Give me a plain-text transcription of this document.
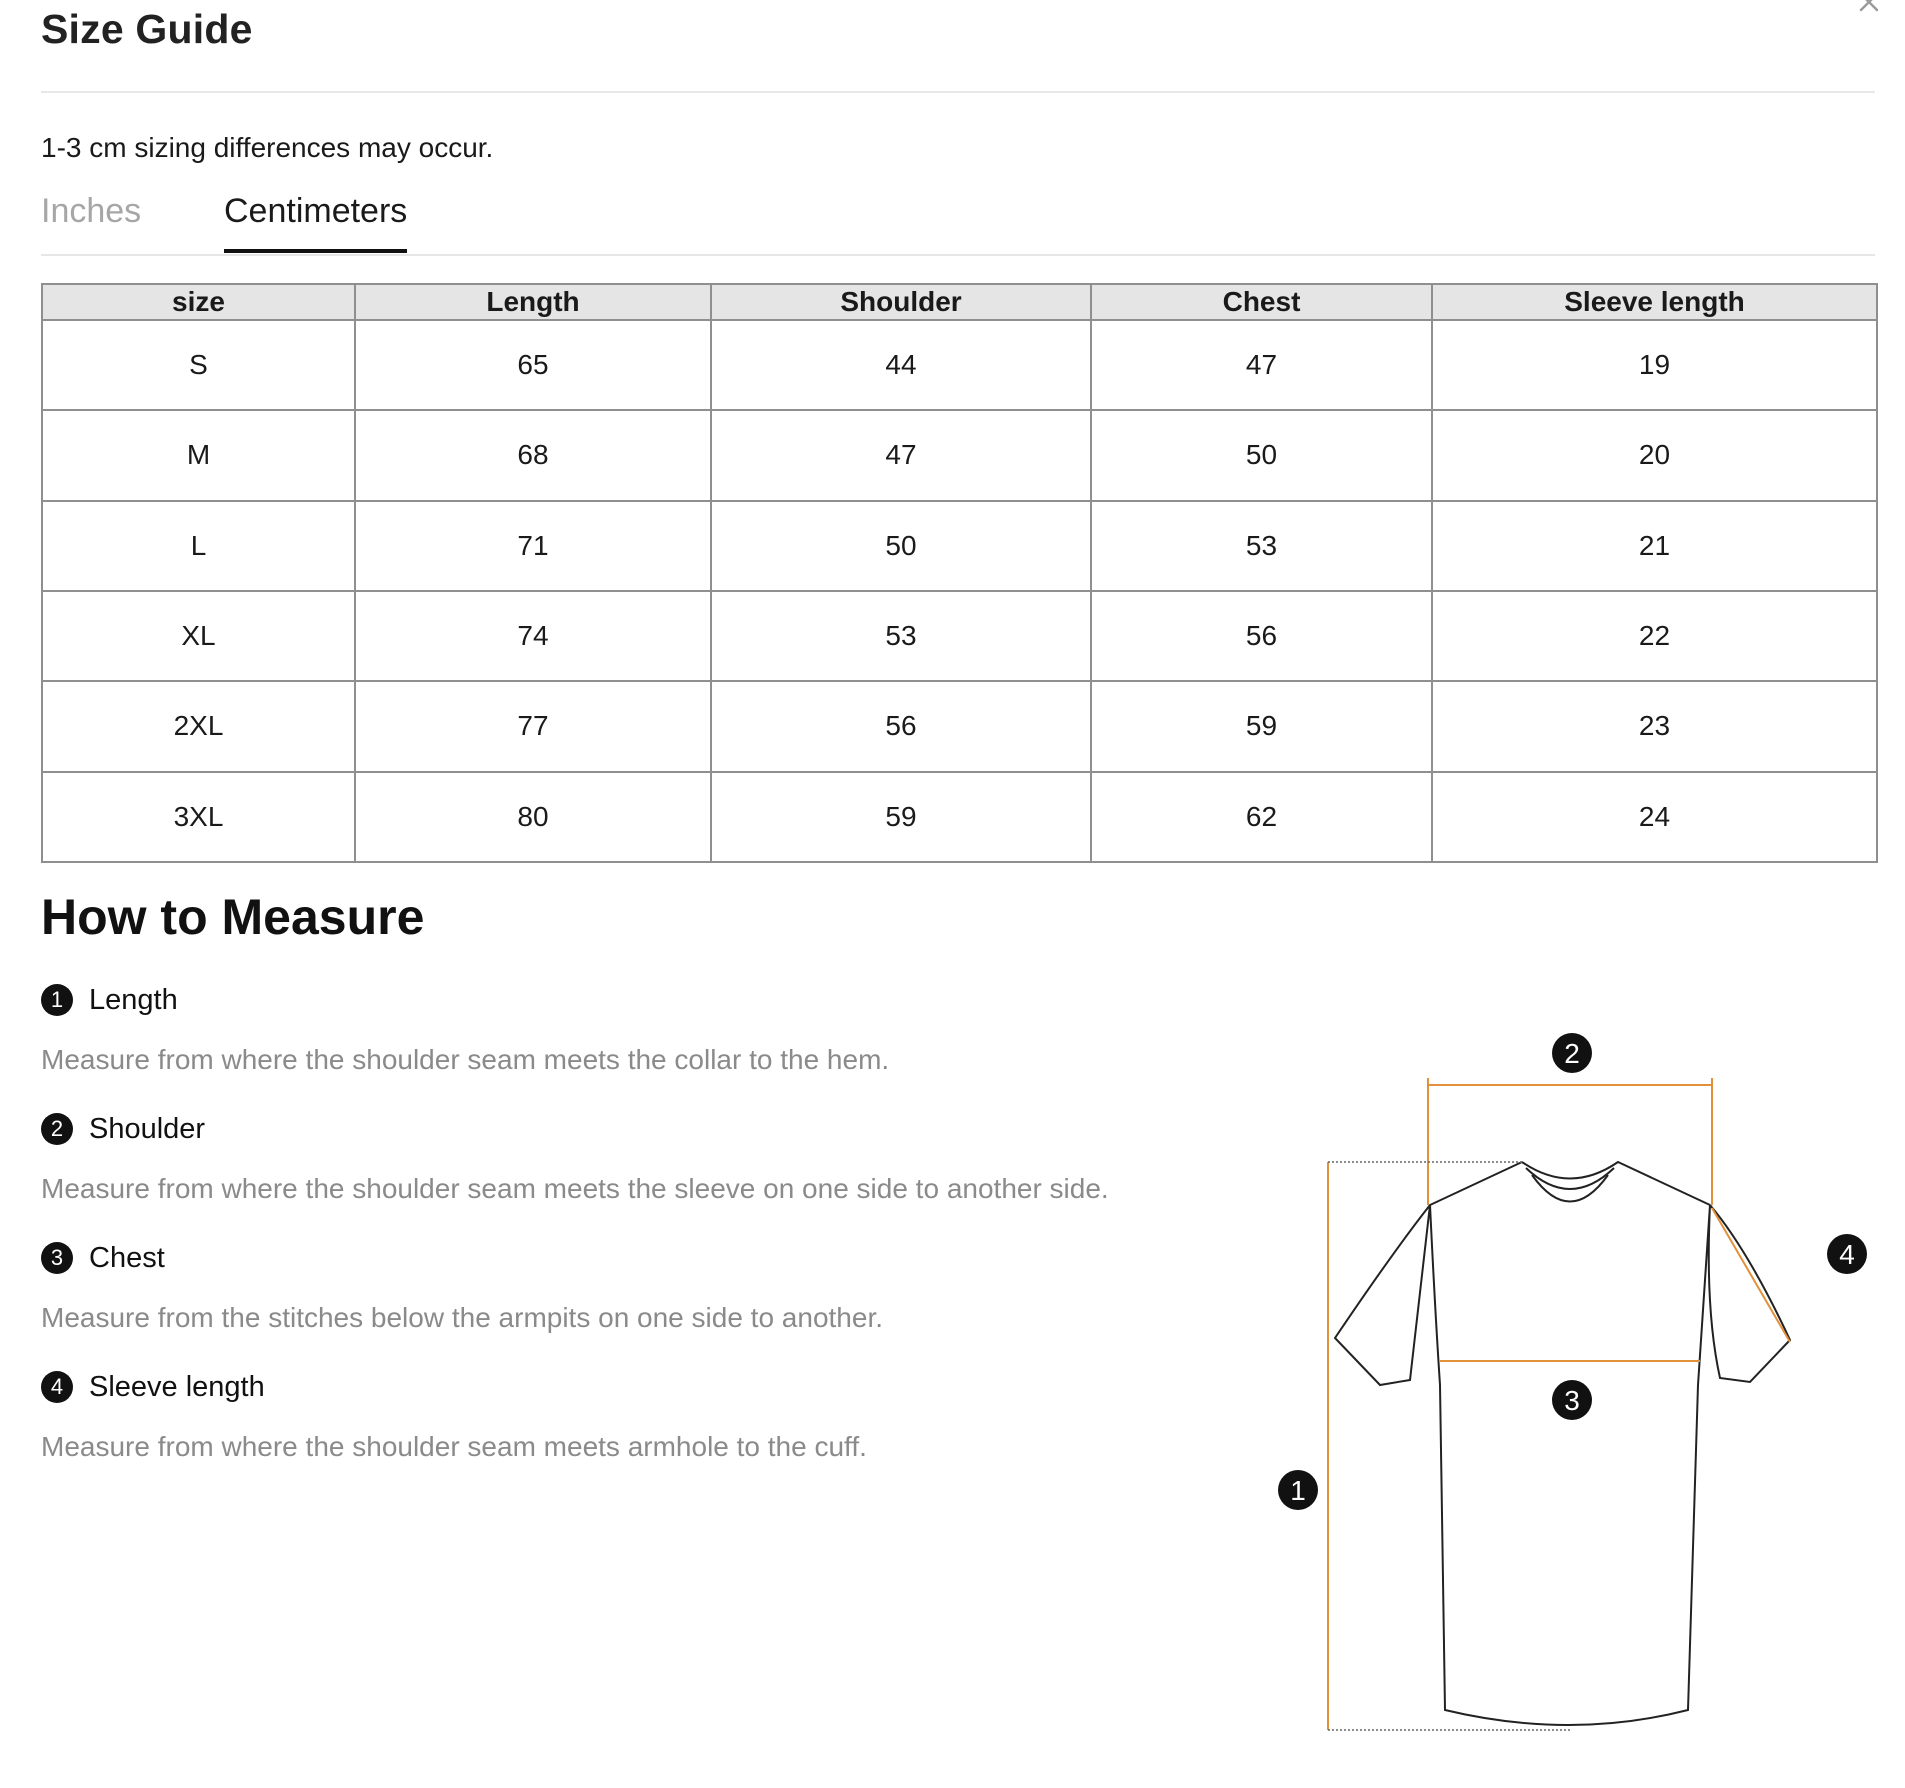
Size Guide
1-3 cm sizing differences may occur.
Inches Centimeters
size	Length	Shoulder	Chest	Sleeve length
S	65	44	47	19
M	68	47	50	20
L	71	50	53	21
XL	74	53	56	22
2XL	77	56	59	23
3XL	80	59	62	24
How to Measure
1 Length
Measure from where the shoulder seam meets the collar to the hem.
2 Shoulder
Measure from where the shoulder seam meets the sleeve on one side to another side.
3 Chest
Measure from the stitches below the armpits on one side to another.
4 Sleeve length
Measure from where the shoulder seam meets armhole to the cuff.
1
2
3
4
